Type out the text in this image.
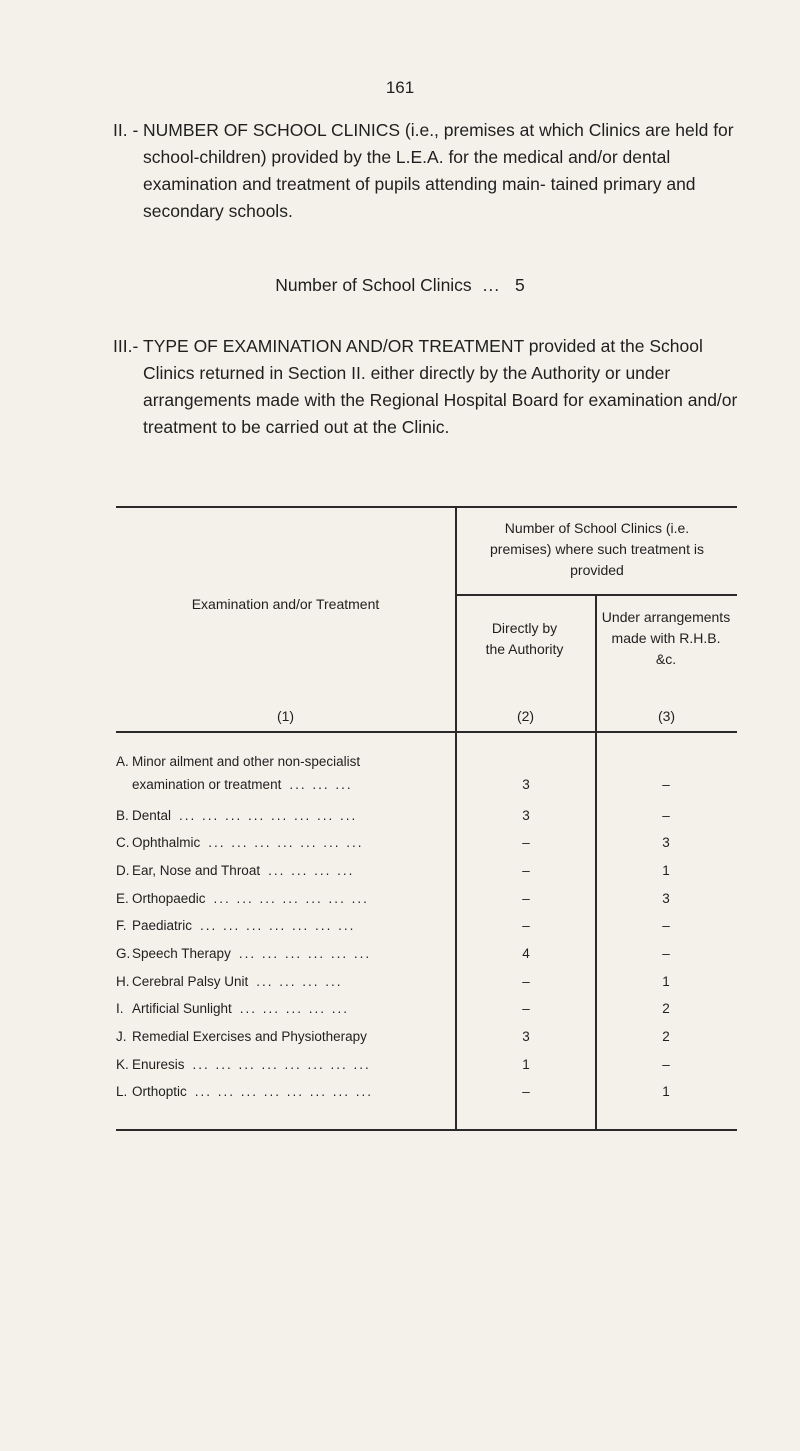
161
II. - NUMBER OF SCHOOL CLINICS (i.e., premises at which Clinics are held for school-children) provided by the L.E.A. for the medical and/or dental examination and treatment of pupils attending main- tained primary and secondary schools.
Number of School Clinics ... 5
III.- TYPE OF EXAMINATION AND/OR TREATMENT provided at the School Clinics returned in Section II. either directly by the Authority or under arrangements made with the Regional Hospital Board for examination and/or treatment to be carried out at the Clinic.
Examination and/or Treatment
(1)
Number of School Clinics (i.e. premises) where such treatment is provided
Directly by the Authority
(2)
Under arrangements made with R.H.B. &c.
(3)
A. Minor ailment and other non-specialist
examination or treatment ... ... ...	3	–
B. Dental ... ... ... ... ... ... ... ...	3	–
C. Ophthalmic ... ... ... ... ... ... ...	–	3
D. Ear, Nose and Throat ... ... ... ...	–	1
E. Orthopaedic ... ... ... ... ... ... ...	–	3
F. Paediatric ... ... ... ... ... ... ...	–	–
G. Speech Therapy ... ... ... ... ... ...	4	–
H. Cerebral Palsy Unit ... ... ... ...	–	1
I. Artificial Sunlight ... ... ... ... ...	–	2
J. Remedial Exercises and Physiotherapy	3	2
K. Enuresis ... ... ... ... ... ... ... ...	1	–
L. Orthoptic ... ... ... ... ... ... ... ...	–	1
